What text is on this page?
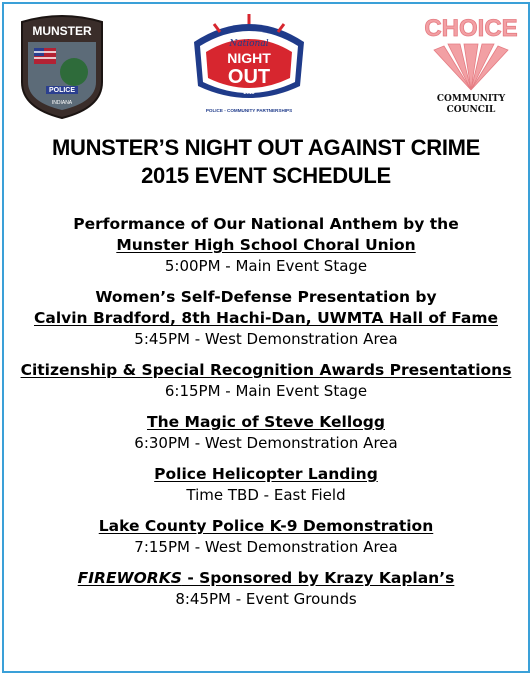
MUNSTER
POLICE
INDIANA
National
NIGHT
OUT
2015
POLICE - COMMUNITY PARTNERSHIPS
CHOICE
COMMUNITY
COUNCIL
MUNSTER’S NIGHT OUT AGAINST CRIME
2015 EVENT SCHEDULE
Performance of Our National Anthem by the
Munster High School Choral Union
5:00PM - Main Event Stage
Women’s Self-Defense Presentation by
Calvin Bradford, 8th Hachi-Dan, UWMTA Hall of Fame
5:45PM - West Demonstration Area
Citizenship & Special Recognition Awards Presentations
6:15PM - Main Event Stage
The Magic of Steve Kellogg
6:30PM - West Demonstration Area
Police Helicopter Landing
Time TBD - East Field
Lake County Police K-9 Demonstration
7:15PM - West Demonstration Area
FIREWORKS - Sponsored by Krazy Kaplan’s
8:45PM - Event Grounds
